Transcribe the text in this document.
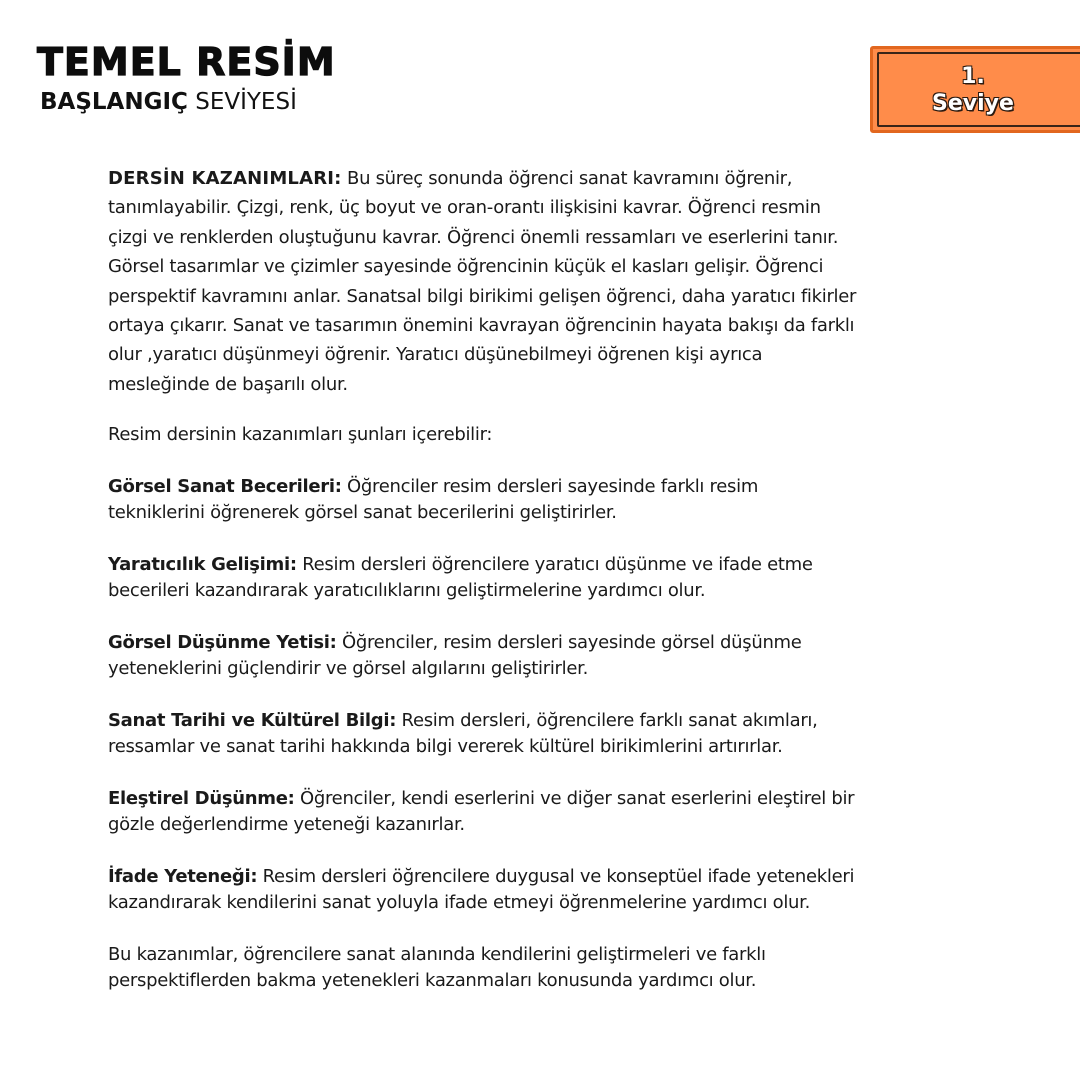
TEMEL RESİM
BAŞLANGIÇ SEVİYESİ
1.
Seviye

DERSİN KAZANIMLARI: Bu süreç sonunda öğrenci sanat kavramını öğrenir, tanımlayabilir. Çizgi, renk, üç boyut ve oran-orantı ilişkisini kavrar. Öğrenci resmin çizgi ve renklerden oluştuğunu kavrar. Öğrenci önemli ressamları ve eserlerini tanır. Görsel tasarımlar ve çizimler sayesinde öğrencinin küçük el kasları gelişir. Öğrenci perspektif kavramını anlar. Sanatsal bilgi birikimi gelişen öğrenci, daha yaratıcı fikirler ortaya çıkarır. Sanat ve tasarımın önemini kavrayan öğrencinin hayata bakışı da farklı olur ,yaratıcı düşünmeyi öğrenir. Yaratıcı düşünebilmeyi öğrenen kişi ayrıca mesleğinde de başarılı olur.

Resim dersinin kazanımları şunları içerebilir:

Görsel Sanat Becerileri: Öğrenciler resim dersleri sayesinde farklı resim tekniklerini öğrenerek görsel sanat becerilerini geliştirirler.

Yaratıcılık Gelişimi: Resim dersleri öğrencilere yaratıcı düşünme ve ifade etme becerileri kazandırarak yaratıcılıklarını geliştirmelerine yardımcı olur.

Görsel Düşünme Yetisi: Öğrenciler, resim dersleri sayesinde görsel düşünme yeteneklerini güçlendirir ve görsel algılarını geliştirirler.

Sanat Tarihi ve Kültürel Bilgi: Resim dersleri, öğrencilere farklı sanat akımları, ressamlar ve sanat tarihi hakkında bilgi vererek kültürel birikimlerini artırırlar.

Eleştirel Düşünme: Öğrenciler, kendi eserlerini ve diğer sanat eserlerini eleştirel bir gözle değerlendirme yeteneği kazanırlar.

İfade Yeteneği: Resim dersleri öğrencilere duygusal ve konseptüel ifade yetenekleri kazandırarak kendilerini sanat yoluyla ifade etmeyi öğrenmelerine yardımcı olur.

Bu kazanımlar, öğrencilere sanat alanında kendilerini geliştirmeleri ve farklı perspektiflerden bakma yetenekleri kazanmaları konusunda yardımcı olur.
